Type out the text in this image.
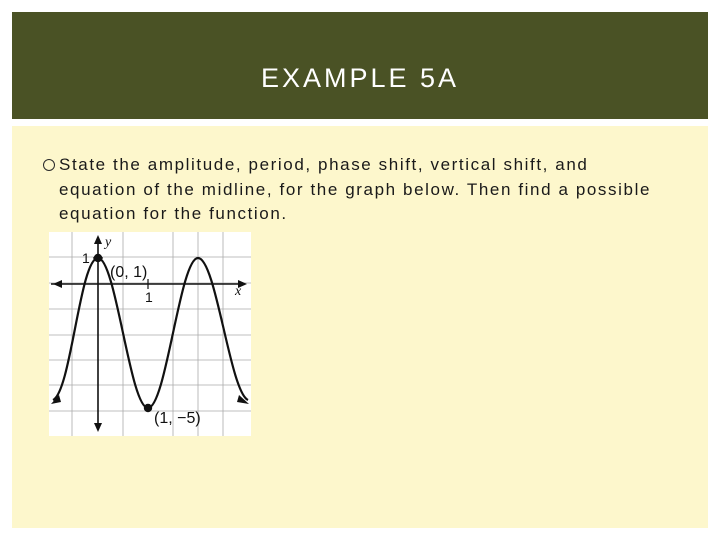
EXAMPLE 5A
State the amplitude, period, phase shift, vertical shift, and equation of the midline, for the graph below. Then find a possible equation for the function.
y
x
1
1
(0, 1)
(1, −5)
